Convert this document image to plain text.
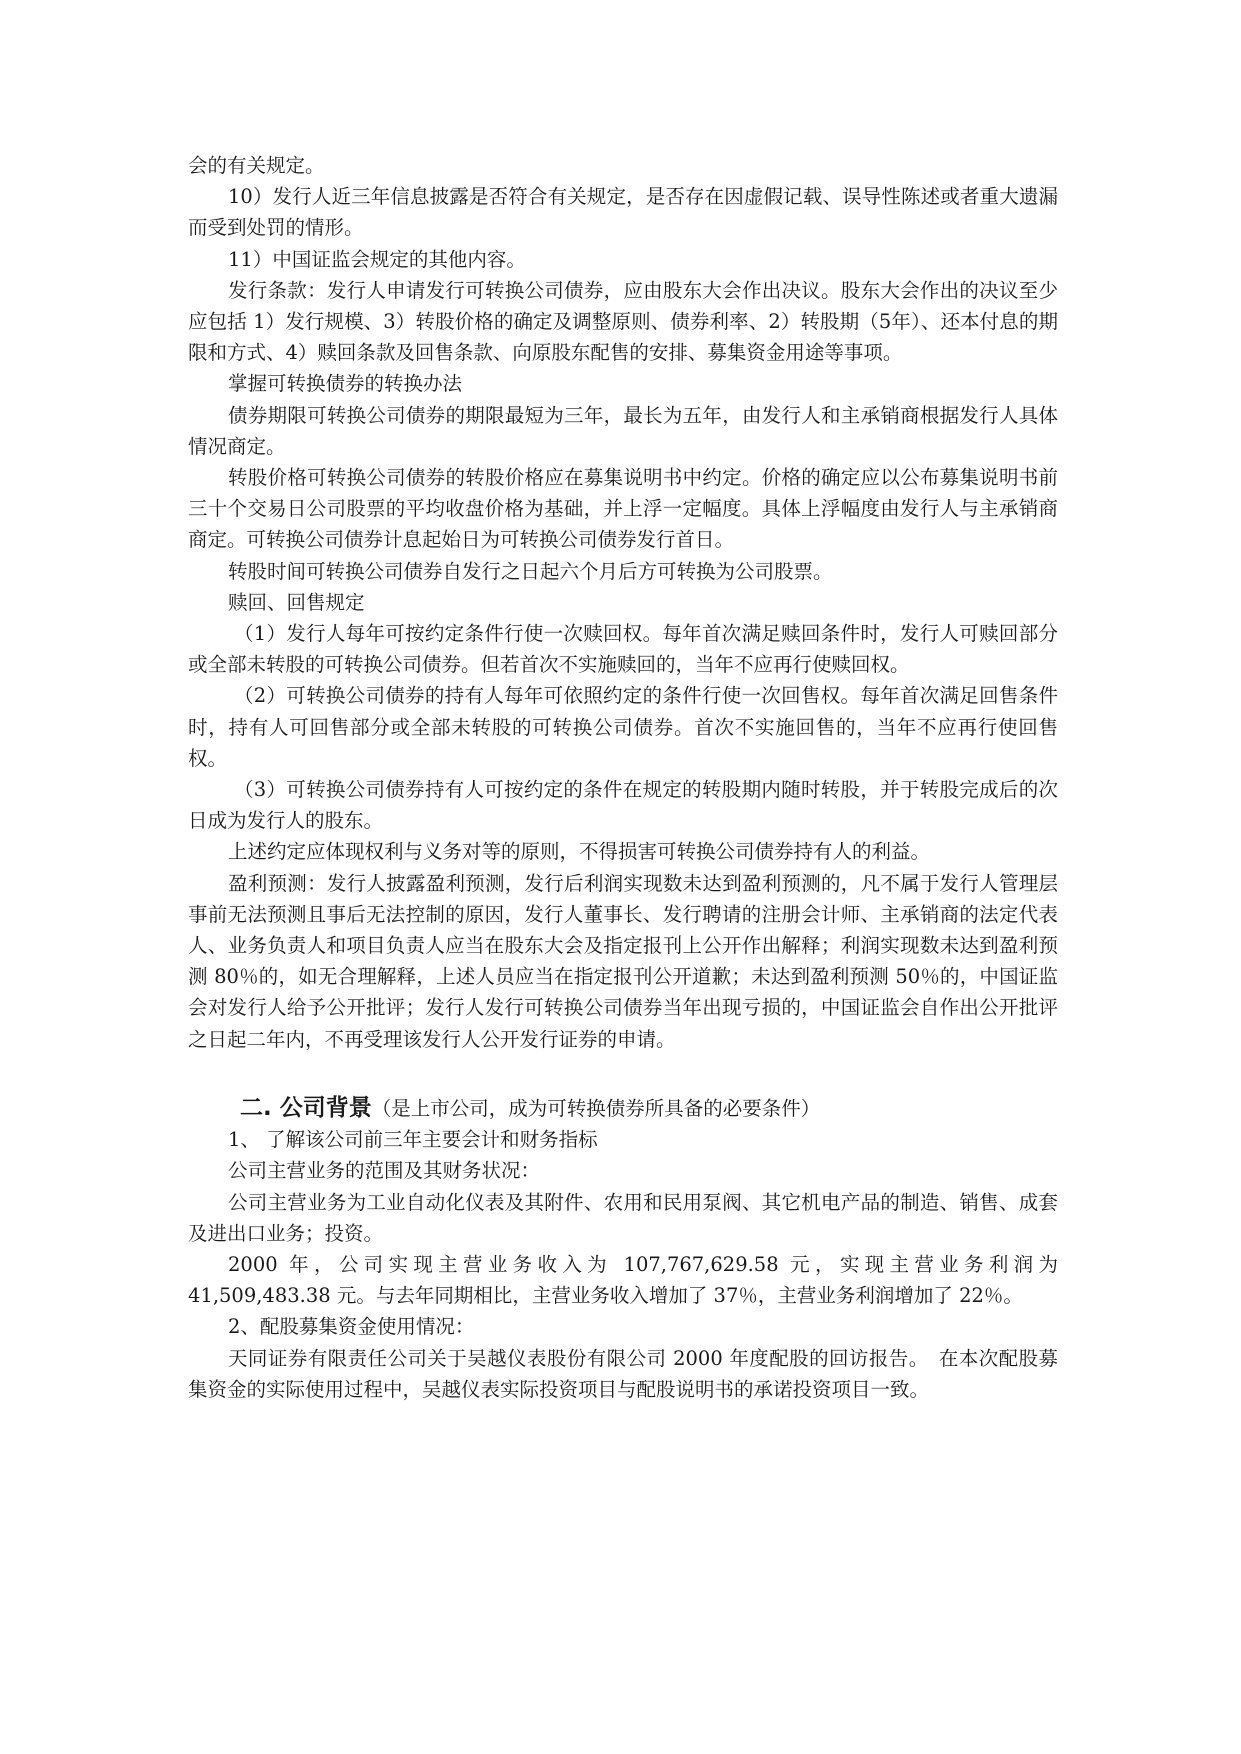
会的有关规定。

10）发行人近三年信息披露是否符合有关规定，是否存在因虚假记载、误导性陈述或者重大遗漏而受到处罚的情形。

11）中国证监会规定的其他内容。

发行条款：发行人申请发行可转换公司债券，应由股东大会作出决议。股东大会作出的决议至少应包括 1）发行规模、3）转股价格的确定及调整原则、债券利率、2）转股期（5年）、还本付息的期限和方式、4）赎回条款及回售条款、向原股东配售的安排、募集资金用途等事项。

掌握可转换债券的转换办法

债券期限可转换公司债券的期限最短为三年，最长为五年，由发行人和主承销商根据发行人具体情况商定。

转股价格可转换公司债券的转股价格应在募集说明书中约定。价格的确定应以公布募集说明书前三十个交易日公司股票的平均收盘价格为基础，并上浮一定幅度。具体上浮幅度由发行人与主承销商商定。可转换公司债券计息起始日为可转换公司债券发行首日。

转股时间可转换公司债券自发行之日起六个月后方可转换为公司股票。

赎回、回售规定

（1）发行人每年可按约定条件行使一次赎回权。每年首次满足赎回条件时，发行人可赎回部分或全部未转股的可转换公司债券。但若首次不实施赎回的，当年不应再行使赎回权。

（2）可转换公司债券的持有人每年可依照约定的条件行使一次回售权。每年首次满足回售条件时，持有人可回售部分或全部未转股的可转换公司债券。首次不实施回售的，当年不应再行使回售权。

（3）可转换公司债券持有人可按约定的条件在规定的转股期内随时转股，并于转股完成后的次日成为发行人的股东。

上述约定应体现权利与义务对等的原则，不得损害可转换公司债券持有人的利益。

盈利预测：发行人披露盈利预测，发行后利润实现数未达到盈利预测的，凡不属于发行人管理层事前无法预测且事后无法控制的原因，发行人董事长、发行聘请的注册会计师、主承销商的法定代表人、业务负责人和项目负责人应当在股东大会及指定报刊上公开作出解释；利润实现数未达到盈利预测 80％的，如无合理解释，上述人员应当在指定报刊公开道歉；未达到盈利预测 50％的，中国证监会对发行人给予公开批评；发行人发行可转换公司债券当年出现亏损的，中国证监会自作出公开批评之日起二年内，不再受理该发行人公开发行证券的申请。

二. 公司背景（是上市公司，成为可转换债券所具备的必要条件）

1、 了解该公司前三年主要会计和财务指标

公司主营业务的范围及其财务状况：

公司主营业务为工业自动化仪表及其附件、农用和民用泵阀、其它机电产品的制造、销售、成套及进出口业务；投资。

2000 年，公司实现主营业务收入为 107,767,629.58 元，实现主营业务利润为 41,509,483.38 元。与去年同期相比，主营业务收入增加了 37％，主营业务利润增加了 22％。

2、配股募集资金使用情况：

天同证券有限责任公司关于吴越仪表股份有限公司 2000 年度配股的回访报告。　在本次配股募集资金的实际使用过程中，吴越仪表实际投资项目与配股说明书的承诺投资项目一致。
